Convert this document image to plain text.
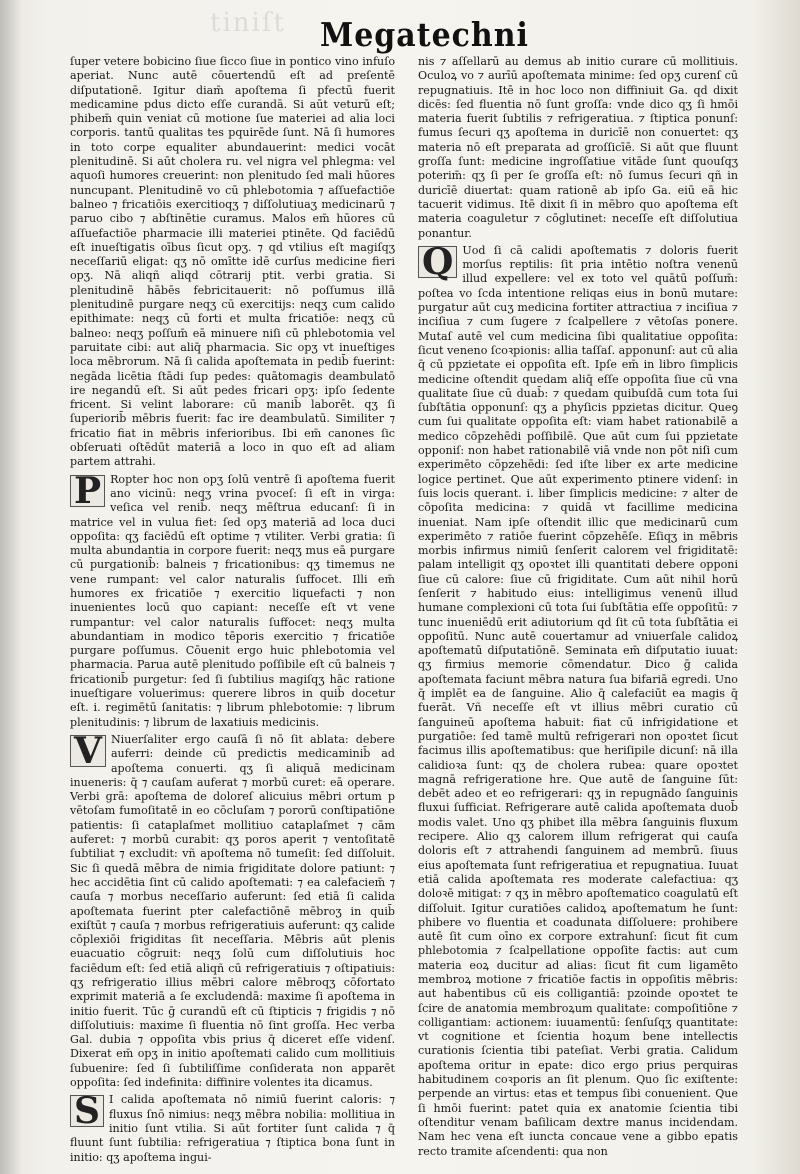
tiniſt	Megatechni

ſuper vetere bobicino ſiue ſicco ſiue in pontico vino infuſo aperiat. Nunc autē cōuertendū eſt ad preſentē diſputationē. Igitur diam̄ apoſtema ſi pfectū fuerit medicamine pdus dicto eſſe curandā. Si aūt veturū eſt; phibem̄ quin veniat cū motione ſue materiei ad alia loci corporis. tantū qualitas tes pquirēde ſunt. Nā ſi humores in toto corpe equaliter abundauerint: medici vocāt plenitudinē. Si aūt cholera ru. vel nigra vel phlegma: vel aquoſi humores creuerint: non plenitudo ſed mali hūores nuncupant. Plenitudinē vo cū phlebotomia ⁊ aſſuefactiōe balneo ⁊ fricatiōis exercitioqʒ ⁊ diſſolutiuaʒ medicinarū ⁊ paruo cibo ⁊ abſtinētie curamus. Malos em̄ hūores cū aſſuefactiōe pharmacie illi materiei ptinēte. Qd faciēdū eſt inueſtigatis oībus ſicut opʒ. ⁊ qd vtilius eſt magiſqʒ neceſſariū eligat: qʒ nō omītte idē curſus medicine fieri opʒ. Nā aliqñ aliqd cōtrarij ptit. verbi gratia. Si plenitudinē hābēs febricitauerit: nō poſſumus illā plenitudinē purgare neqʒ cū exercitijs: neqʒ cum calido epithimate: neqʒ cū forti et multa fricatiōe: neqʒ cū balneo: neqʒ poſſum̄ eā minuere niſi cū phlebotomia vel paruitate cibi: aut aliq̄ pharmacia. Sic opʒ vt inueſtiges loca mēbrorum. Nā ſi calida apoſtemata in pedib̄ fuerint: negāda licētia ſtādi ſup pedes: quātomagis deambulatō ire negandū eſt. Si aūt pedes fricari opʒ: ipſo ſedente fricent. Si velint laborare: cū manib̄ laborēt. qʒ ſi ſuperiorib̄ mēbris fuerit: fac ire deambulatū. Similiter ⁊ fricatio fiat in mēbris inferioribus. Ibi em̄ canones ſic obſeruati oſtēdūt materiā a loco in quo eſt ad aliam partem attrahi.

P Ropter hoc non opʒ ſolū ventrē ſi apoſtema fuerit ano vicinū: neqʒ vrina pvoceſ: ſi eſt in virga: veſica vel renib̄. neqʒ mēſtrua educanſ: ſi in matrice vel in vulua fiet: ſed opʒ materiā ad loca duci oppoſita: qʒ faciēdū eſt optime ⁊ vtiliter. Verbi gratia: ſi multa abundantia in corpore fuerit: neqʒ mus eā purgare cū purgationib̄: balneis ⁊ fricationibus: qʒ timemus ne vene rumpant: vel calor naturalis ſuffocet. Illi em̄ humores ex fricatiōe ⁊ exercitio liquefacti ⁊ non inuenientes locū quo capiant: neceſſe eſt vt vene rumpantur: vel calor naturalis ſuffocet: neqʒ multa abundantiam in modico tēporis exercitio ⁊ fricatiōe purgare poſſumus. Cōuenit ergo huic phlebotomia vel pharmacia. Parua autē plenitudo poſſibile eſt cū balneis ⁊ fricationib̄ purgetur: ſed ſi ſubtilius magiſqʒ hāc ratione inueſtigare voluerimus: querere libros in quib̄ docetur eſt. i. regimētū ſanitatis: ⁊ librum phlebotomie: ⁊ librum plenitudinis: ⁊ librum de laxatiuis medicinis.

V Niuerſaliter ergo cauſā ſi nō ſit ablata: debere auferri: deinde cū predictis medicaminib̄ ad apoſtema conuerti. qʒ ſi aliquā medicinam inueneris: q̄ ⁊ cauſam auferat ⁊ morbū curet: eā operare. Verbi grā: apoſtema de doloreſ alicuius mēbri ortum p vētoſam fumoſitatē in eo cōcluſam ⁊ pororū conſtipatiōne patientis: ſi cataplaſmet mollitiuo cataplaſmet ⁊ cām auferet: ⁊ morbū curabit: qʒ poros aperit ⁊ ventoſitatē ſubtiliat ⁊ excludit: vñ apoſtema nō tumeſit: ſed diſſoluit. Sic ſi quedā mēbra de nimia frigiditate dolore patiunt: ⁊ hec accidētia ſint cū calido apoſtemati: ⁊ ea calefaciem̄ ⁊ cauſa ⁊ morbus neceſſario auferunt: ſed etiā ſi calida apoſtemata fuerint pter calefactiōnē mēbroʒ in quib̄ exiſtūt ⁊ cauſa ⁊ morbus refrigeratiuis auferunt: qʒ calide cōplexiōi frigiditas ſit neceſſaria. Mēbris aūt plenis euacuatio cōgruit: neqʒ ſolū cum diſſolutiuis hoc faciēdum eſt: ſed etiā aliqñ cū refrigeratiuis ⁊ oſtipatiuis: qʒ refrigeratio illius mēbri calore mēbroqʒ cōfortato exprimit materiā a ſe excludendā: maxime ſi apoſtema in initio fuerit. Tūc ḡ curandū eſt cū ſtipticis ⁊ frigidis ⁊ nō diſſolutiuis: maxime ſi fluentia nō ſint groſſa. Hec verba Gal. dubia ⁊ oppoſita vbis prius q̄ diceret eſſe videnſ. Dixerat em̄ opʒ in initio apoſtemati calido cum mollitiuis ſubuenire: ſed ſi ſubtiliſſime conſiderata non apparēt oppoſita: ſed indefinita: diffinire volentes ita dicamus.

S I calida apoſtemata nō nimiū fuerint caloris: ⁊ fluxus ſnō nimius: neqʒ mēbra nobilia: mollitiua in initio ſunt vtilia. Si aūt fortiter ſunt calida ⁊ q̄ fluunt ſunt ſubtilia: refrigeratiua ⁊ ſtiptica bona ſunt in initio: qʒ apoſtema ingui-

nis ⁊ aſſellarū au demus ab initio curare cū mollitiuis. Oculoꝝ vo ⁊ aurīū apoſtemata minime: ſed opʒ curenſ cū repugnatiuis. Itē in hoc loco non diffiniuit Ga. qd dixit dicēs: ſed fluentia nō ſunt groſſa: vnde dico qʒ ſi hmōi materia fuerit ſubtilis ⁊ refrigeratiua. ⁊ ſtiptica ponunſ: fumus ſecuri qʒ apoſtema in duricīē non conuertet: qʒ materia nō eſt preparata ad groſſicīē. Si aūt que fluunt groſſa ſunt: medicine ingroſſatiue vitāde ſunt quouſqʒ poterim̄: qʒ ſi per ſe groſſa eſt: nō ſumus ſecuri qñ in duricīē diuertat: quam rationē ab ipſo Ga. eiū eā hic tacuerit vidimus. Itē dixit ſi in mēbro quo apoſtema eſt materia coaguletur ⁊ cōglutinet: neceſſe eſt diſſolutiua ponantur.

Q Uod ſi cā calidi apoſtematis ⁊ doloris fuerit morſus reptilis: ſit pria intētio noſtra venenū illud expellere: vel ex toto vel quātū poſſum̄: poſtea vo ſcda intentione reliqas eius in bonū mutare: purgatur aūt cuʒ medicina fortiter attractiua ⁊ inciſiua ⁊ inciſiua ⁊ cum ſugere ⁊ ſcalpellere ⁊ vētoſas ponere. Mutaſ autē vel cum medicina ſibi qualitatiue oppoſita: ſicut veneno ſcoꝛpionis: allia taſſaſ. apponunſ: aut cū alia q̄ cū ppzietate ei oppoſita eſt. Ipſe em̄ in libro ſimplicis medicine oſtendit quedam aliq̄ eſſe oppoſita ſiue cū vna qualitate ſiue cū duab̄: ⁊ quedam quibuſdā cum tota ſui ſubſtātia opponunſ: qʒ a phyſicis ppzietas dicitur. Queꝯ cum ſui qualitate oppoſita eſt: viam habet rationabilē a medico cōpzehēdi poſſibilē. Que aūt cum ſui ppzietate opponiſ: non habet rationabilē viā vnde non pōt niſi cum experimēto cōpzehēdi: ſed iſte liber ex arte medicine logice pertinet. Que aūt experimento ptinere videnſ: in ſuis locis querant. i. liber ſimplicis medicine: ⁊ alter de cōpoſita medicina: ⁊ quidā vt facillime medicina inueniat. Nam ipſe oſtendit illic que medicinarū cum experimēto ⁊ ratiōe fuerint cōpzehēſe. Eſiqʒ in mēbris morbis infirmus nimiū ſenſerit calorem vel frigiditatē: palam intelligit qʒ opoꝛtet illi quantitati debere opponi ſiue cū calore: ſiue cū frigiditate. Cum aūt nihil horū ſenſerit ⁊ habitudo eius: intelligimus venenū illud humane complexioni cū tota ſui ſubſtātia eſſe oppoſitū: ⁊ tunc inueniēdū erit adiutorium qd ſit cū tota ſubſtātia ei oppoſitū. Nunc autē couertamur ad vniuerſale calidoꝝ apoſtematū diſputatiōnē. Seminata em̄ diſputatio iuuat: qʒ firmius memorie cōmendatur. Dico ḡ calida apoſtemata faciunt mēbra natura ſua bifariā egredi. Uno q̄ implēt ea de ſanguine. Alio q̄ calefaciūt ea magis q̄ fuerāt. Vñ neceſſe eſt vt illius mēbri curatio cū ſanguineū apoſtema habuit: fiat cū infrigidatione et purgatiōe: ſed tamē multū refrigerari non opoꝛtet ſicut facimus illis apoſtematibus: que heriſipile dicunſ: nā illa calidioꝛa ſunt: qʒ de cholera rubea: quare opoꝛtet magnā refrigeratione hre. Que autē de ſanguine ſūt: debēt adeo et eo refrigerari: qʒ in repugnādo ſanguinis fluxui ſufficiat. Refrigerare autē calida apoſtemata duob̄ modis valet. Uno qʒ phibet illa mēbra ſanguinis fluxum recipere. Alio qʒ calorem illum refrigerat qui cauſa doloris eſt ⁊ attrahendi ſanguinem ad membrū. ſiuus eius apoſtemata ſunt refrigeratiua et repugnatiua. Iuuat etiā calida apoſtemata res moderate calefactiua: qʒ doloꝛē mitigat: ⁊ qʒ in mēbro apoſtematico coagulatū eſt diſſoluit. Igitur curatiōes calidoꝝ apoſtematum he ſunt: phibere vo fluentia et coadunata diſſoluere: prohibere autē ſit cum oīno ex corpore extrahunſ: ſicut fit cum phlebotomia ⁊ ſcalpellatione oppoſite factis: aut cum materia eoꝝ ducitur ad alias: ſicut fit cum ligamēto membroꝝ motione ⁊ fricatiōe factis in oppoſitis mēbris: aut habentibus cū eis colligantiā: pzoinde opoꝛtet te ſcire de anatomia membroꝝum qualitate: compoſitiōne ⁊ colligantiam: actionem: iuuamentū: ſenſuſqʒ quantitate: vt cognitione et ſcientia hoꝝum bene intellectis curationis ſcientia tibi pateſiat. Verbi gratia. Calidum apoſtema oritur in epate: dico ergo prius perquiras habitudinem coꝛporis an ſit plenum. Quo ſic exiſtente: perpende an virtus: etas et tempus ſibi conuenient. Que ſi hmōi fuerint: patet quia ex anatomie ſcientia tibi oſtenditur venam baſilicam dextre manus incidendam. Nam hec vena eſt iuncta concaue vene a gibbo epatis recto tramite aſcendenti: qua non
